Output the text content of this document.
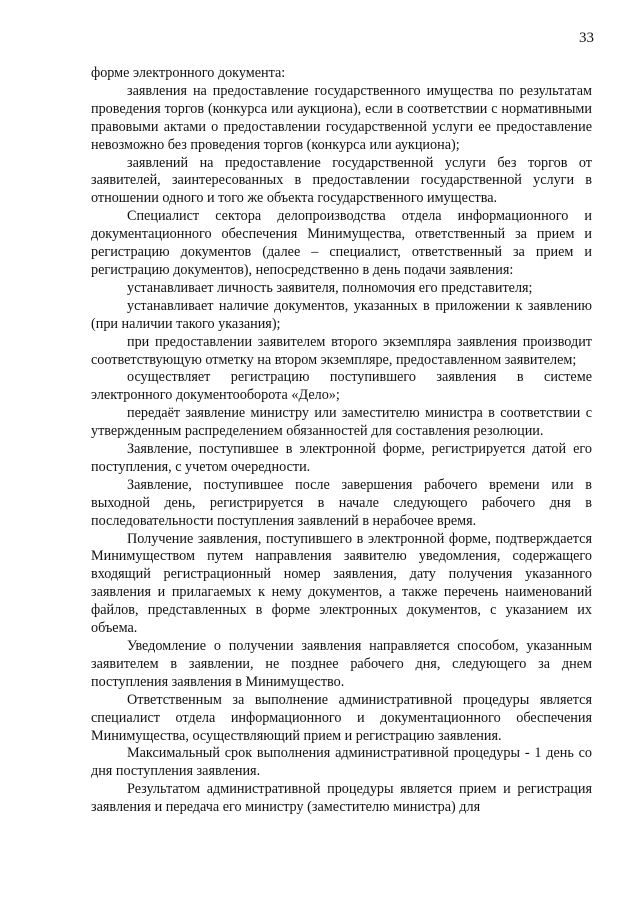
33

форме электронного документа:

заявления на предоставление государственного имущества по результатам проведения торгов (конкурса или аукциона), если в соответствии с нормативными правовыми актами о предоставлении государственной услуги ее предоставление невозможно без проведения торгов (конкурса или аукциона);

заявлений на предоставление государственной услуги без торгов от заявителей, заинтересованных в предоставлении государственной услуги в отношении одного и того же объекта государственного имущества.

Специалист сектора делопроизводства отдела информационного и документационного обеспечения Минимущества, ответственный за прием и регистрацию документов (далее – специалист, ответственный за прием и регистрацию документов), непосредственно в день подачи заявления:

устанавливает личность заявителя, полномочия его представителя;

устанавливает наличие документов, указанных в приложении к заявлению (при наличии такого указания);

при предоставлении заявителем второго экземпляра заявления производит соответствующую отметку на втором экземпляре, предоставленном заявителем;

осуществляет регистрацию поступившего заявления в системе электронного документооборота «Дело»;

передаёт заявление министру или заместителю министра в соответствии с утвержденным распределением обязанностей для составления резолюции.

Заявление, поступившее в электронной форме, регистрируется датой его поступления, с учетом очередности.

Заявление, поступившее после завершения рабочего времени или в выходной день, регистрируется в начале следующего рабочего дня в последовательности поступления заявлений в нерабочее время.

Получение заявления, поступившего в электронной форме, подтверждается Минимуществом путем направления заявителю уведомления, содержащего входящий регистрационный номер заявления, дату получения указанного заявления и прилагаемых к нему документов, а также перечень наименований файлов, представленных в форме электронных документов, с указанием их объема.

Уведомление о получении заявления направляется способом, указанным заявителем в заявлении, не позднее рабочего дня, следующего за днем поступления заявления в Минимущество.

Ответственным за выполнение административной процедуры является специалист отдела информационного и документационного обеспечения Минимущества, осуществляющий прием и регистрацию заявления.

Максимальный срок выполнения административной процедуры - 1 день со дня поступления заявления.

Результатом административной процедуры является прием и регистрация заявления и передача его министру (заместителю министра) для
